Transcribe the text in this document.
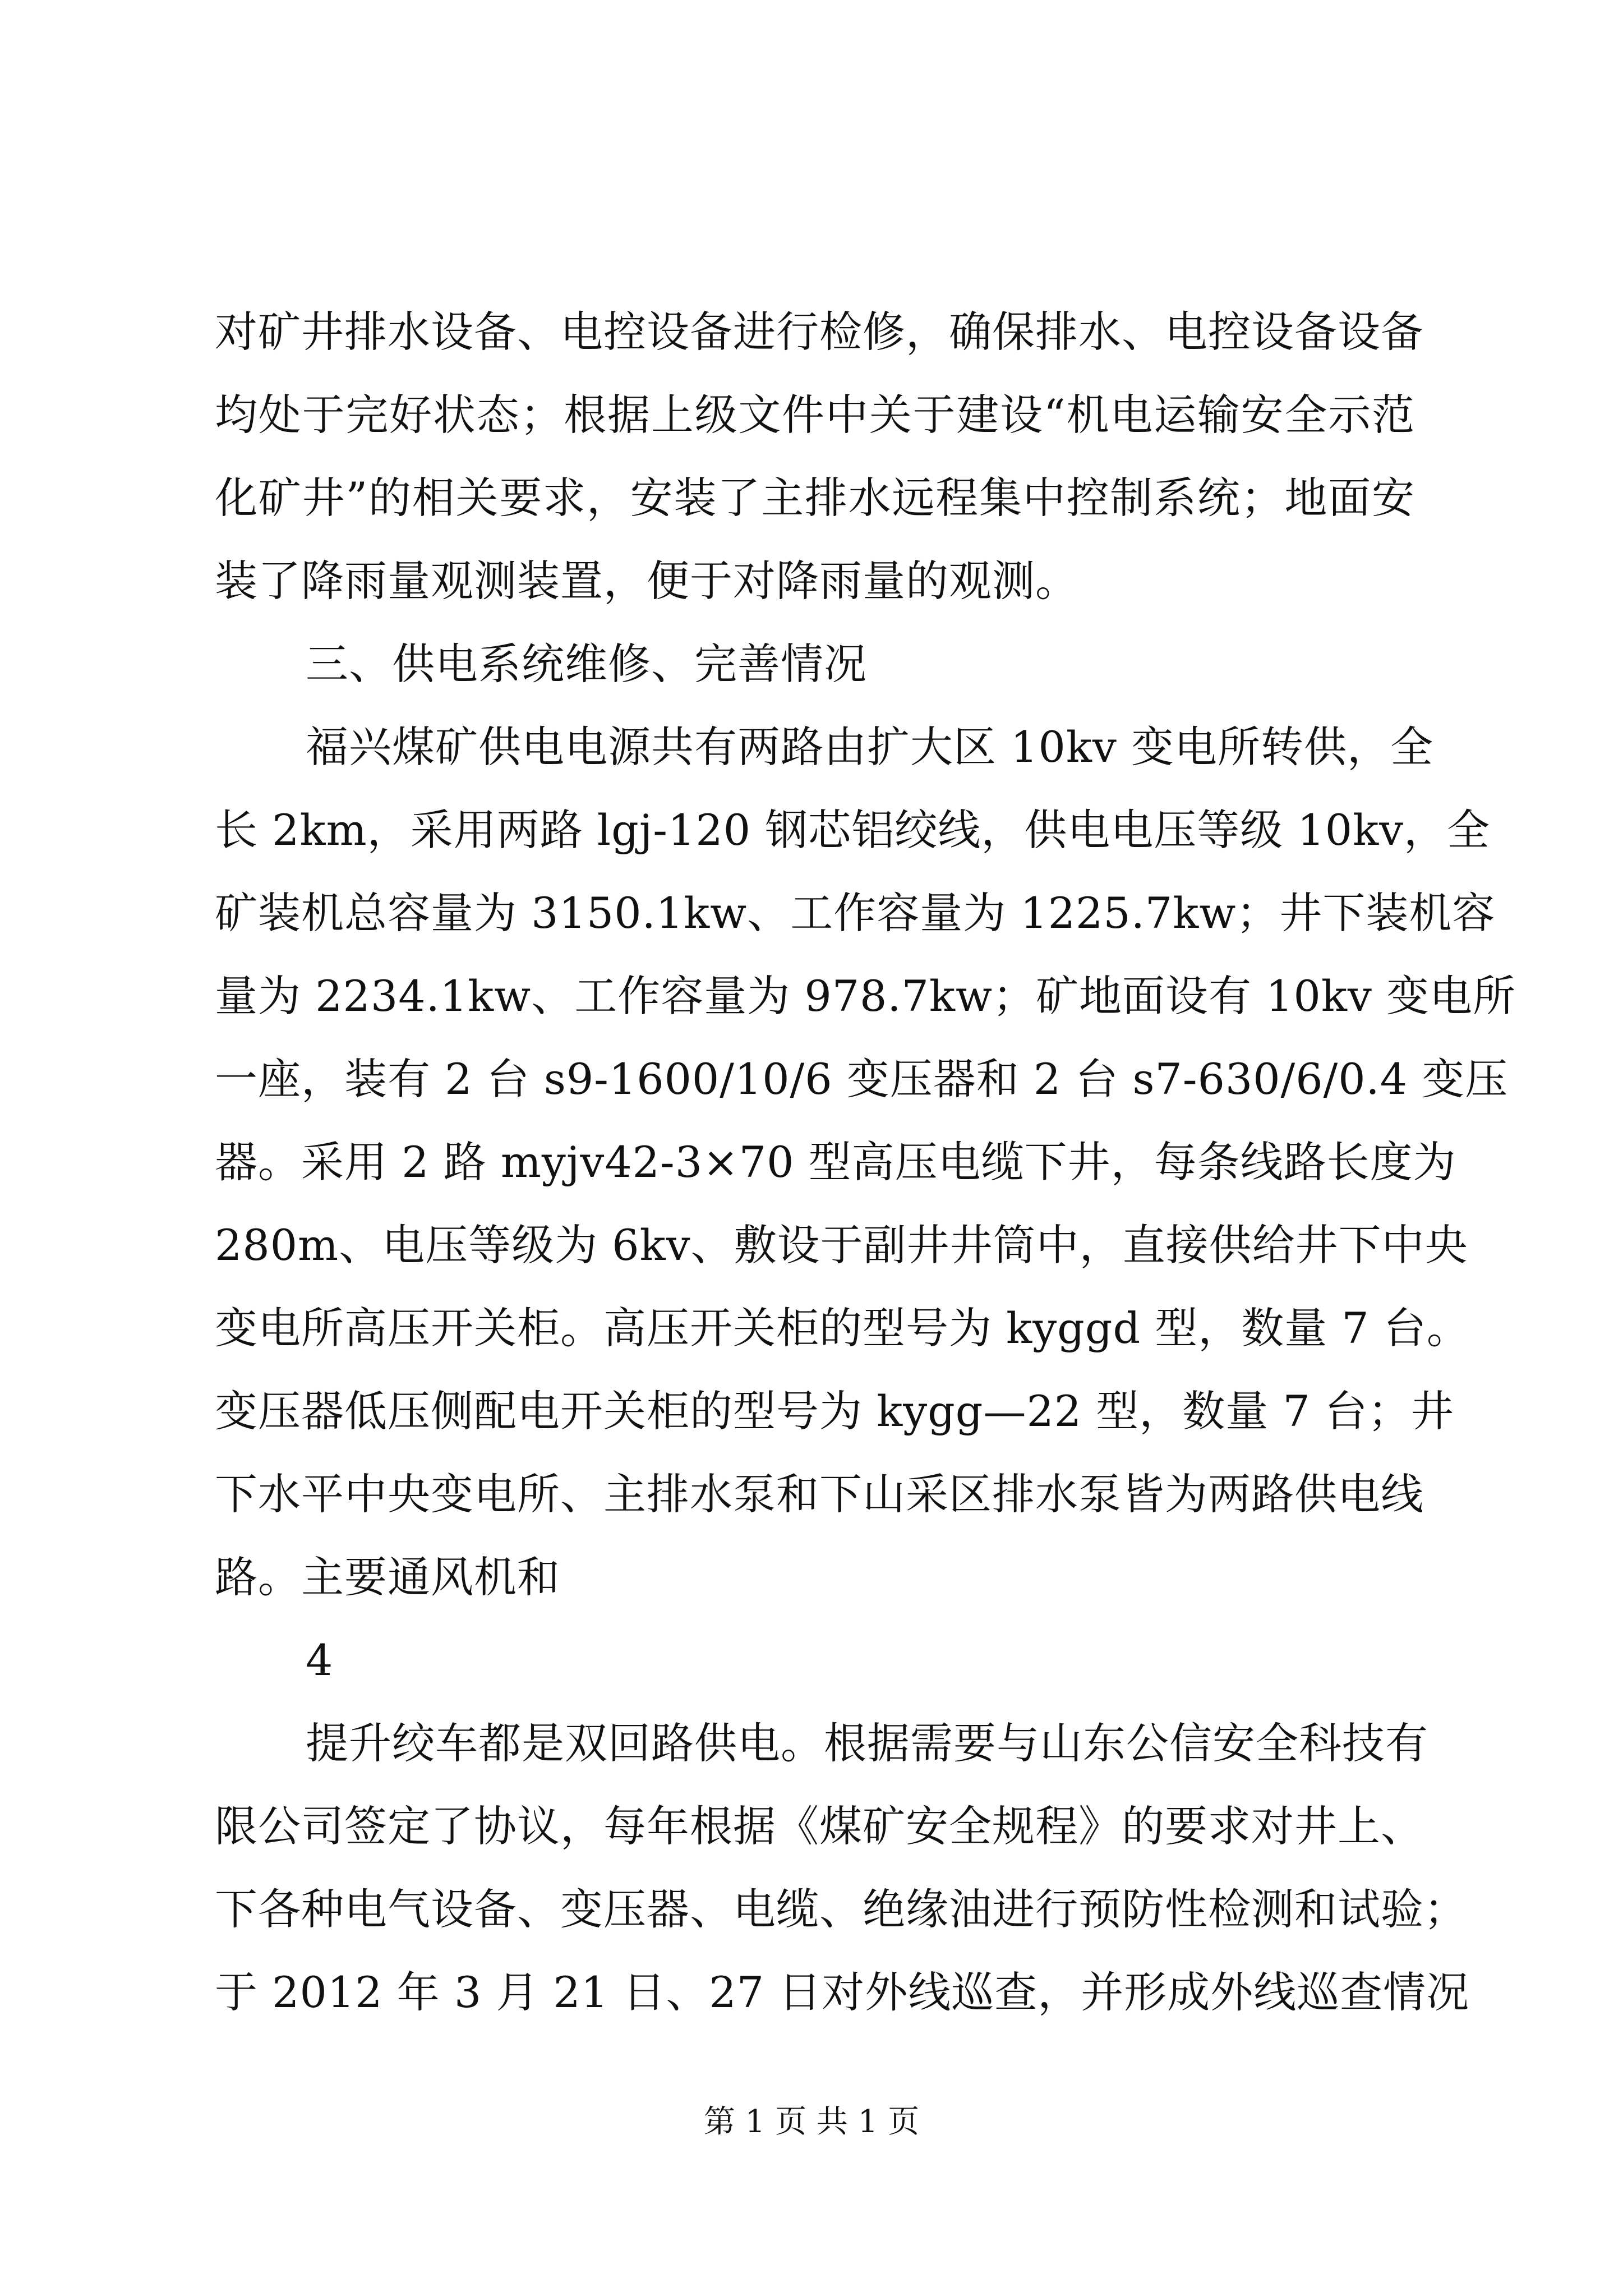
对矿井排水设备、电控设备进行检修，确保排水、电控设备设备
均处于完好状态；根据上级文件中关于建设“机电运输安全示范
化矿井”的相关要求，安装了主排水远程集中控制系统；地面安
装了降雨量观测装置，便于对降雨量的观测。
三、供电系统维修、完善情况
福兴煤矿供电电源共有两路由扩大区 10kv 变电所转供，全
长 2km，采用两路 lgj-120 钢芯铝绞线，供电电压等级 10kv，全
矿装机总容量为 3150.1kw、工作容量为 1225.7kw；井下装机容
量为 2234.1kw、工作容量为 978.7kw；矿地面设有 10kv 变电所
一座，装有 2 台 s9-1600/10/6 变压器和 2 台 s7-630/6/0.4 变压
器。采用 2 路 myjv42-3×70 型高压电缆下井，每条线路长度为
280m、电压等级为 6kv、敷设于副井井筒中，直接供给井下中央
变电所高压开关柜。高压开关柜的型号为 kyggd 型，数量 7 台。
变压器低压侧配电开关柜的型号为 kygg—22 型，数量 7 台；井
下水平中央变电所、主排水泵和下山采区排水泵皆为两路供电线
路。主要通风机和
4
提升绞车都是双回路供电。根据需要与山东公信安全科技有
限公司签定了协议，每年根据《煤矿安全规程》的要求对井上、
下各种电气设备、变压器、电缆、绝缘油进行预防性检测和试验；
于 2012 年 3 月 21 日、27 日对外线巡查，并形成外线巡查情况
第 1 页 共 1 页
